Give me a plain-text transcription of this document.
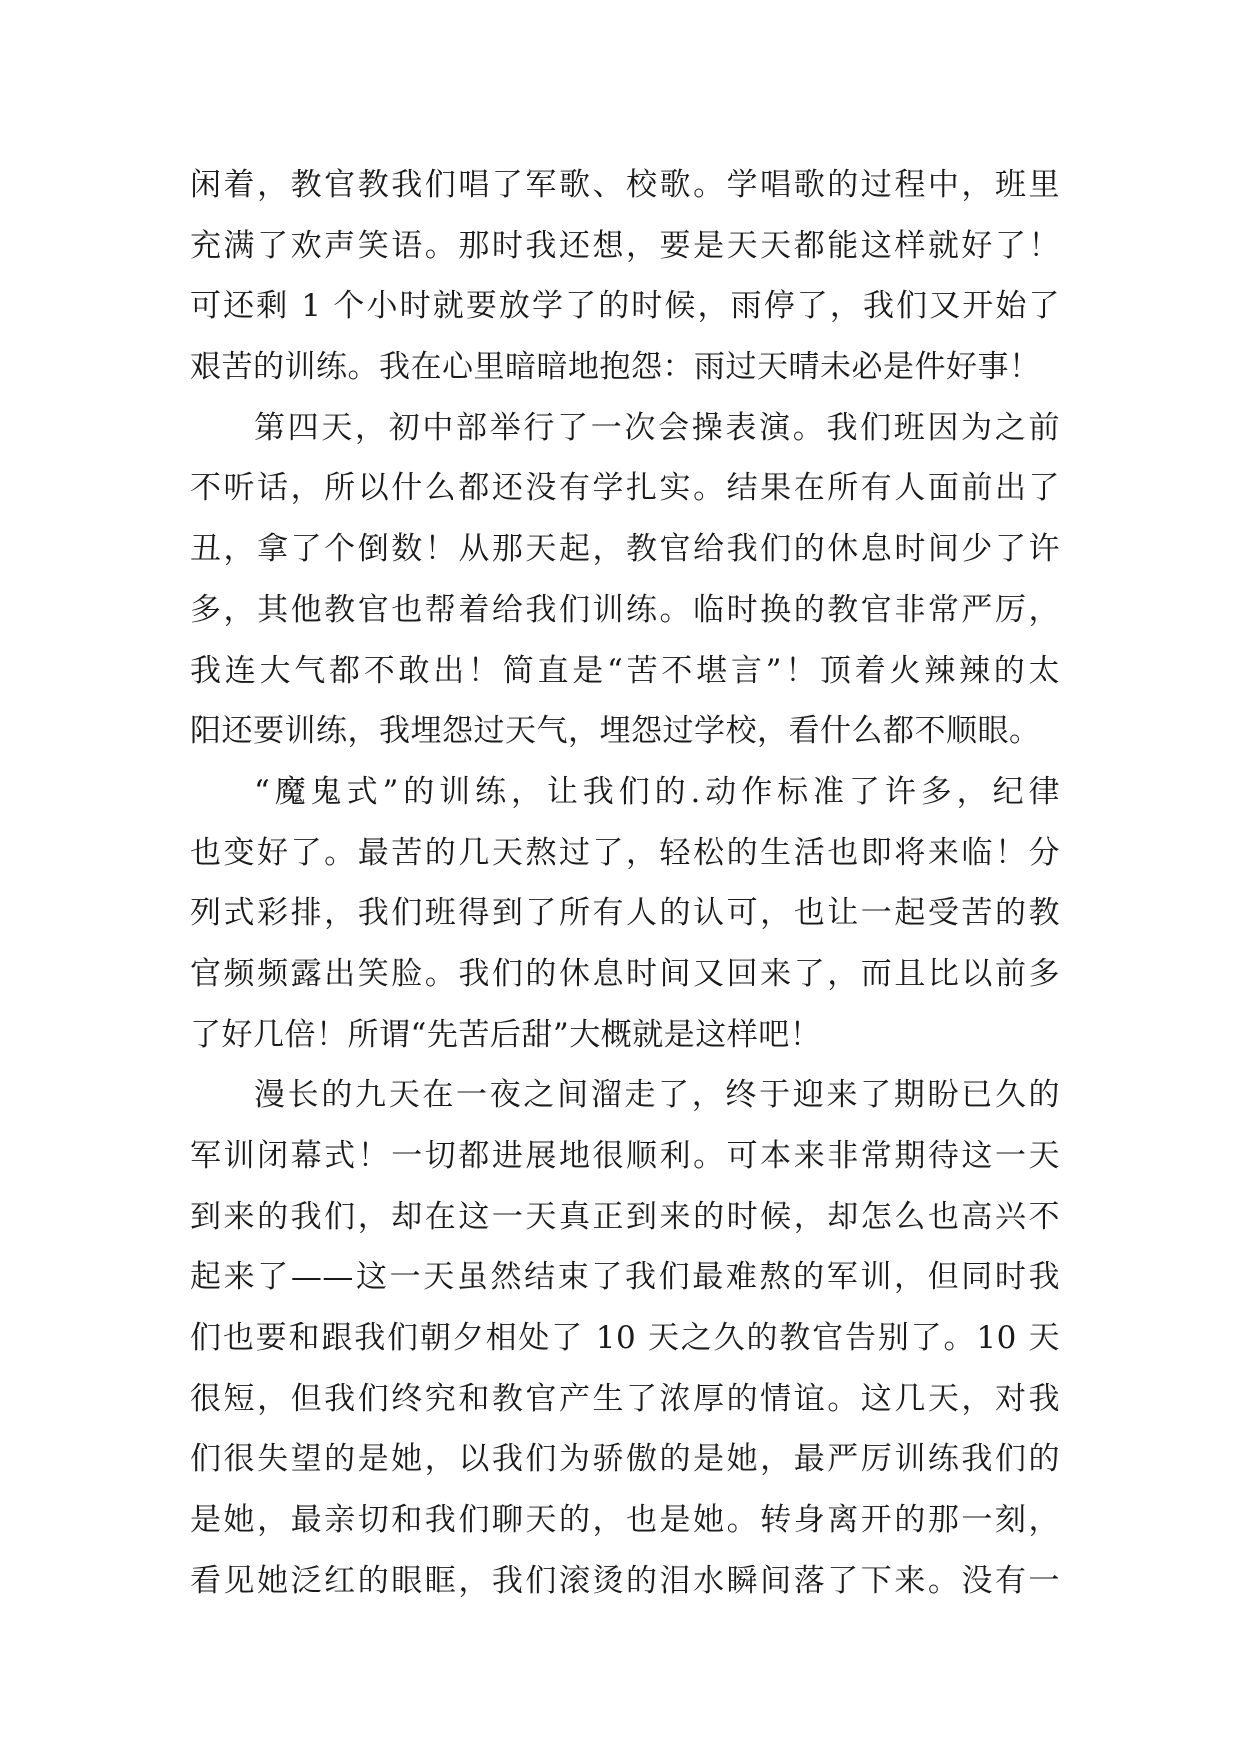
闲着，教官教我们唱了军歌、校歌。学唱歌的过程中，班里
充满了欢声笑语。那时我还想，要是天天都能这样就好了！
可还剩 1 个小时就要放学了的时候，雨停了，我们又开始了
艰苦的训练。我在心里暗暗地抱怨：雨过天晴未必是件好事！
第四天，初中部举行了一次会操表演。我们班因为之前
不听话，所以什么都还没有学扎实。结果在所有人面前出了
丑，拿了个倒数！从那天起，教官给我们的休息时间少了许
多，其他教官也帮着给我们训练。临时换的教官非常严厉，
我连大气都不敢出！简直是“苦不堪言”！顶着火辣辣的太
阳还要训练，我埋怨过天气，埋怨过学校，看什么都不顺眼。
“魔鬼式”的训练，让我们的.动作标准了许多，纪律
也变好了。最苦的几天熬过了，轻松的生活也即将来临！分
列式彩排，我们班得到了所有人的认可，也让一起受苦的教
官频频露出笑脸。我们的休息时间又回来了，而且比以前多
了好几倍！所谓“先苦后甜”大概就是这样吧！
漫长的九天在一夜之间溜走了，终于迎来了期盼已久的
军训闭幕式！一切都进展地很顺利。可本来非常期待这一天
到来的我们，却在这一天真正到来的时候，却怎么也高兴不
起来了——这一天虽然结束了我们最难熬的军训，但同时我
们也要和跟我们朝夕相处了 10 天之久的教官告别了。10 天
很短，但我们终究和教官产生了浓厚的情谊。这几天，对我
们很失望的是她，以我们为骄傲的是她，最严厉训练我们的
是她，最亲切和我们聊天的，也是她。转身离开的那一刻，
看见她泛红的眼眶，我们滚烫的泪水瞬间落了下来。没有一
